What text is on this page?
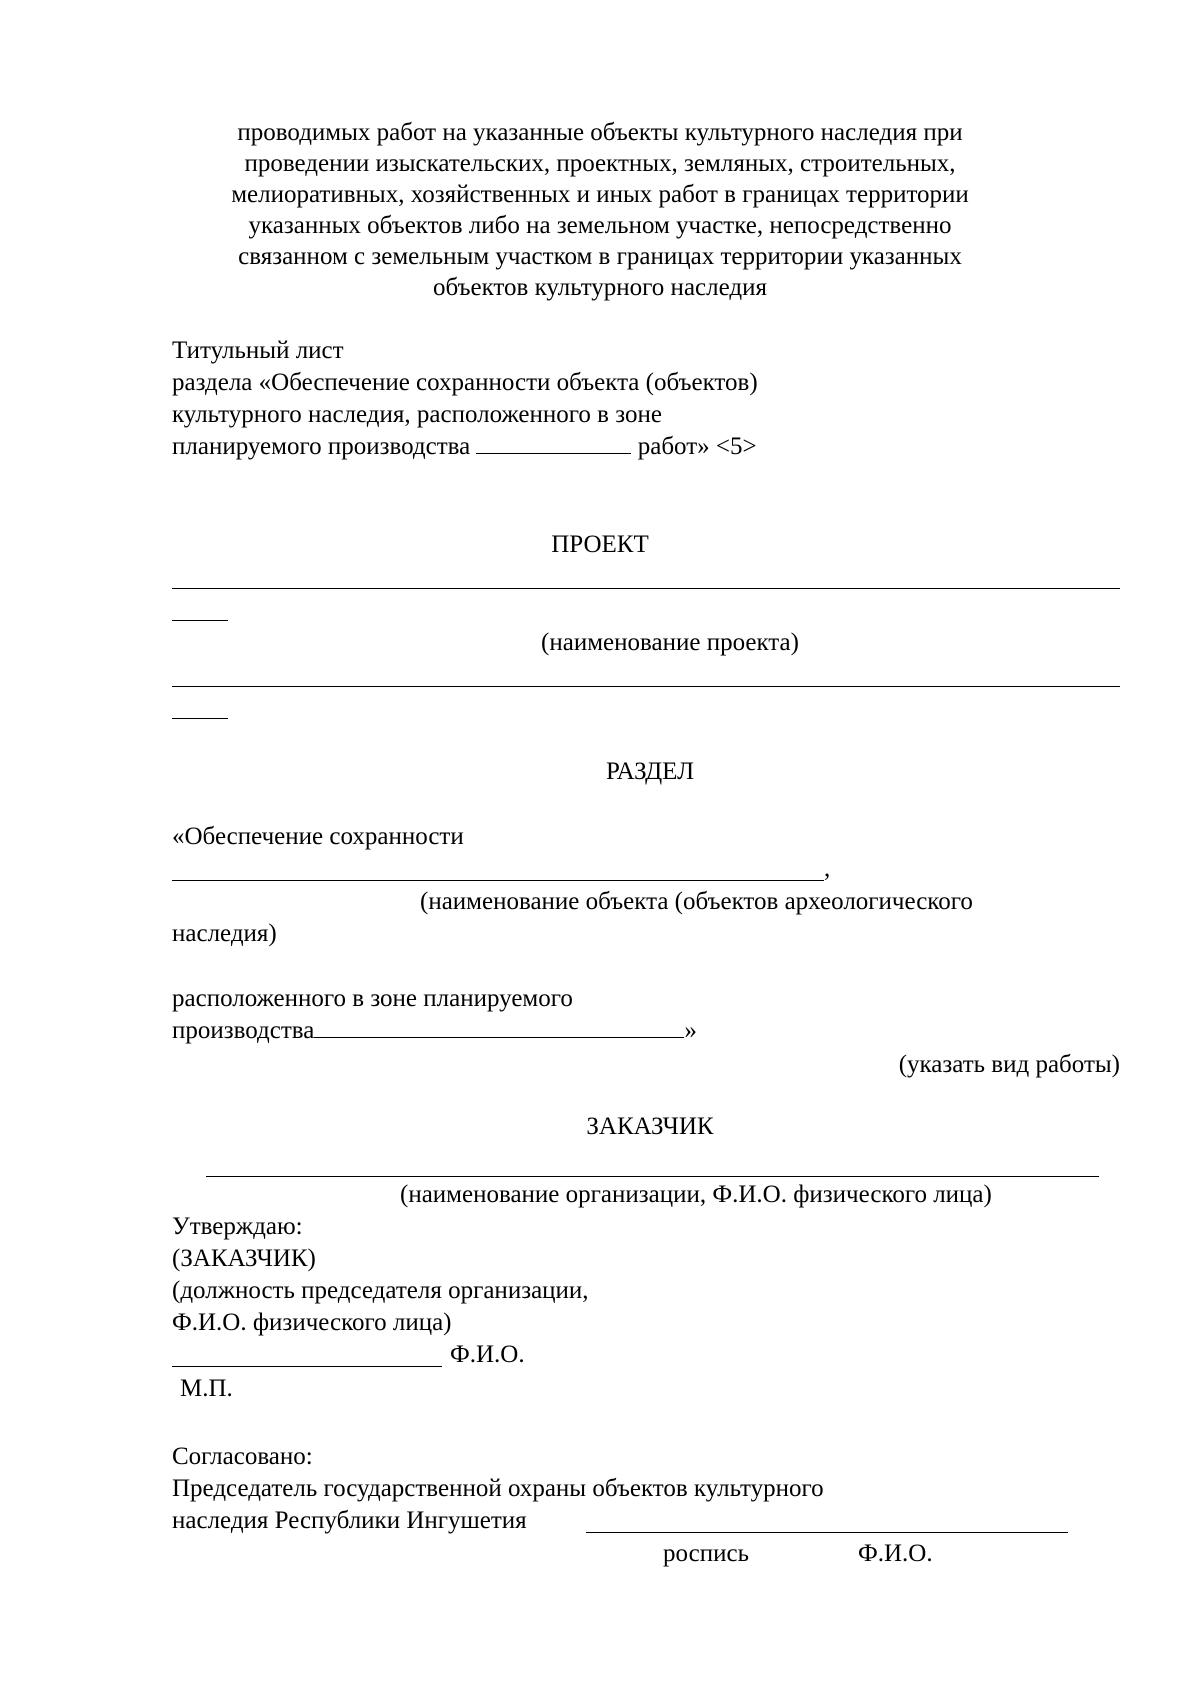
проводимых работ на указанные объекты культурного наследия при

проведении изыскательских, проектных, земляных, строительных,

мелиоративных, хозяйственных и иных работ в границах территории

указанных объектов либо на земельном участке, непосредственно

связанном с земельным участком в границах территории указанных

объектов культурного наследия

Титульный лист

раздела «Обеспечение сохранности объекта (объектов)

культурного наследия, расположенного в зоне

планируемого производства	работ» <5>

ПРОЕКТ

(наименование проекта)

РАЗДЕЛ

«Обеспечение сохранности

,

(наименование объекта (объектов археологического

наследия)

расположенного в зоне планируемого

производства	»

(указать вид работы)

ЗАКАЗЧИК

(наименование организации, Ф.И.О. физического лица)

Утверждаю:

(ЗАКАЗЧИК)

(должность председателя организации,

Ф.И.О. физического лица)

Ф.И.О.

М.П.

Согласовано:

Председатель государственной охраны объектов культурного

наследия Республики Ингушетия

роспись	Ф.И.О.
